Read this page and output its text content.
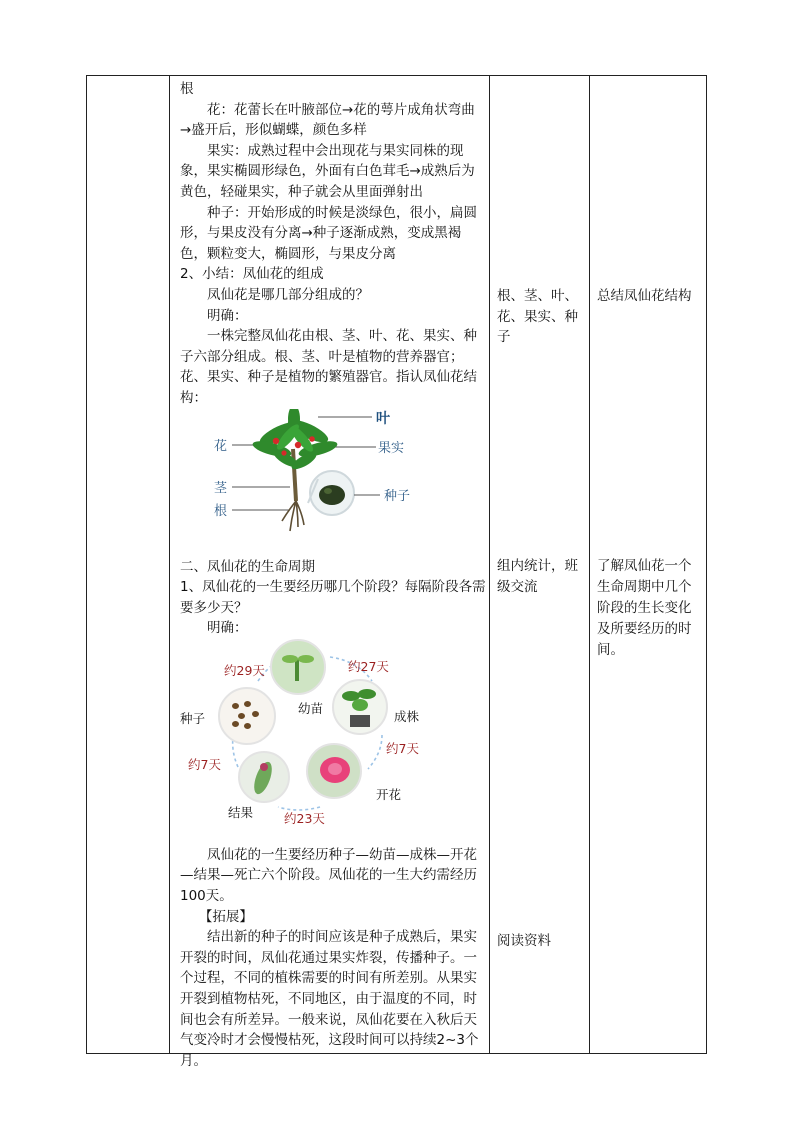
根

花：花蕾长在叶腋部位→花的萼片成角状弯曲→盛开后，形似蝴蝶，颜色多样

果实：成熟过程中会出现花与果实同株的现象，果实椭圆形绿色，外面有白色茸毛→成熟后为黄色，轻碰果实，种子就会从里面弹射出

种子：开始形成的时候是淡绿色，很小，扁圆形，与果皮没有分离→种子逐渐成熟，变成黑褐色，颗粒变大，椭圆形，与果皮分离

2、小结：凤仙花的组成

凤仙花是哪几部分组成的？

明确：

一株完整凤仙花由根、茎、叶、花、果实、种子六部分组成。根、茎、叶是植物的营养器官；花、果实、种子是植物的繁殖器官。指认凤仙花结构：

叶
花	果实
茎
种子
根

二、凤仙花的生命周期

1、凤仙花的一生要经历哪几个阶段？每隔阶段各需要多少天？

明确：

约29天	约27天
约7天
约23天
约7天
幼苗
成株
种子
开花
结果

凤仙花的一生要经历种子—幼苗—成株—开花—结果—死亡六个阶段。凤仙花的一生大约需经历100天。

【拓展】

结出新的种子的时间应该是种子成熟后，果实开裂的时间，凤仙花通过果实炸裂，传播种子。一个过程，不同的植株需要的时间有所差别。从果实开裂到植物枯死，不同地区，由于温度的不同，时间也会有所差异。一般来说，凤仙花要在入秋后天气变冷时才会慢慢枯死，这段时间可以持续2~3个月。

根、茎、叶、花、果实、种子
组内统计，班级交流
阅读资料
总结凤仙花结构
了解凤仙花一个生命周期中几个阶段的生长变化及所要经历的时间。
